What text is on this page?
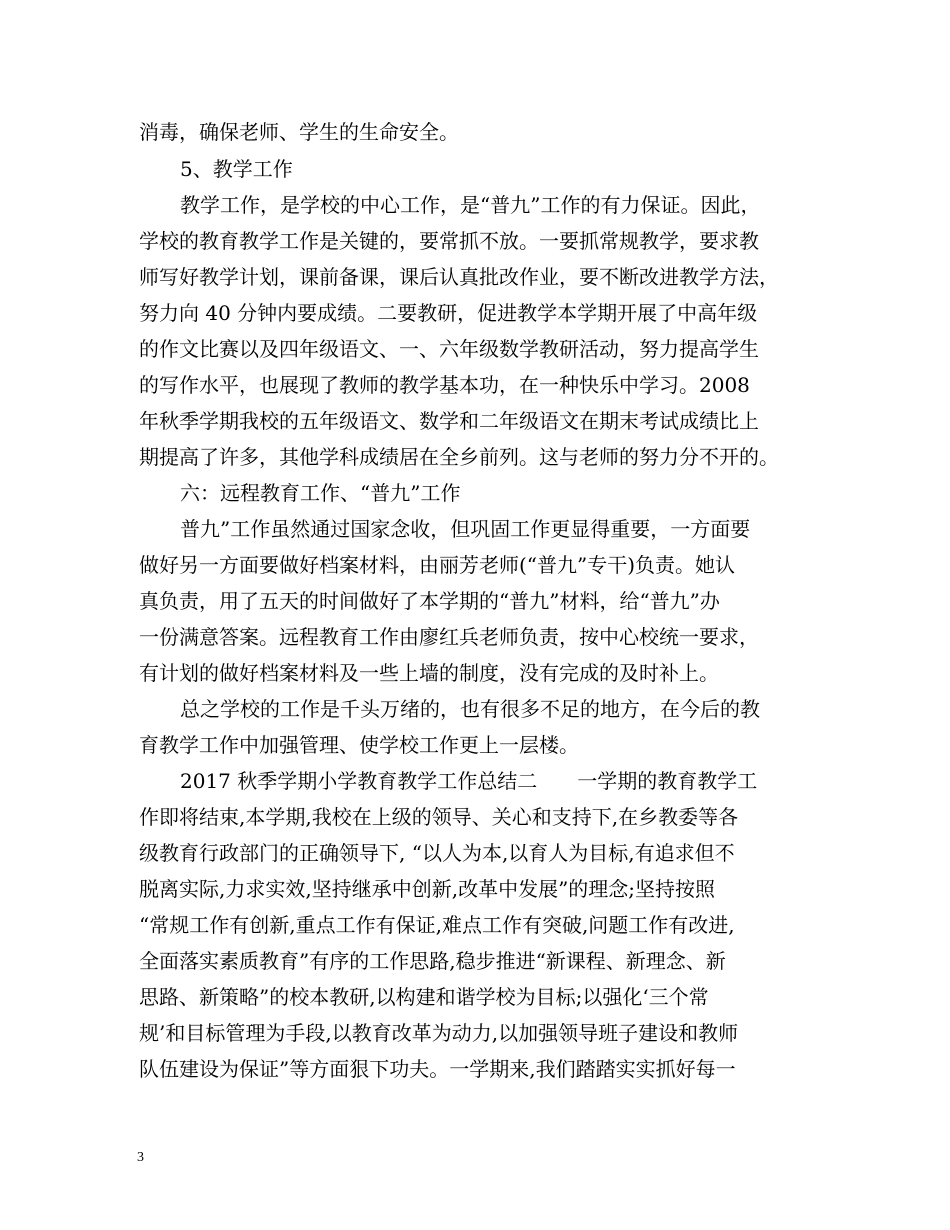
消毒，确保老师、学生的生命安全。
5、教学工作
教学工作，是学校的中心工作，是“普九”工作的有力保证。因此，
学校的教育教学工作是关键的，要常抓不放。一要抓常规教学，要求教
师写好教学计划，课前备课，课后认真批改作业，要不断改进教学方法，
努力向 40 分钟内要成绩。二要教研，促进教学本学期开展了中高年级
的作文比赛以及四年级语文、一、六年级数学教研活动，努力提高学生
的写作水平，也展现了教师的教学基本功，在一种快乐中学习。2008
年秋季学期我校的五年级语文、数学和二年级语文在期末考试成绩比上
期提高了许多，其他学科成绩居在全乡前列。这与老师的努力分不开的。
六：远程教育工作、“普九”工作
普九”工作虽然通过国家念收，但巩固工作更显得重要，一方面要
做好另一方面要做好档案材料，由丽芳老师(“普九”专干)负责。她认
真负责，用了五天的时间做好了本学期的“普九”材料，给“普九”办
一份满意答案。远程教育工作由廖红兵老师负责，按中心校统一要求，
有计划的做好档案材料及一些上墙的制度，没有完成的及时补上。
总之学校的工作是千头万绪的，也有很多不足的地方，在今后的教
育教学工作中加强管理、使学校工作更上一层楼。
2017 秋季学期小学教育教学工作总结二　　一学期的教育教学工
作即将结束,本学期,我校在上级的领导、关心和支持下,在乡教委等各
级教育行政部门的正确领导下, “以人为本,以育人为目标,有追求但不
脱离实际,力求实效,坚持继承中创新,改革中发展”的理念;坚持按照
“常规工作有创新,重点工作有保证,难点工作有突破,问题工作有改进,
全面落实素质教育”有序的工作思路,稳步推进“新课程、新理念、新
思路、新策略”的校本教研,以构建和谐学校为目标;以强化‘三个常
规’和目标管理为手段,以教育改革为动力,以加强领导班子建设和教师
队伍建设为保证”等方面狠下功夫。一学期来,我们踏踏实实抓好每一
3
